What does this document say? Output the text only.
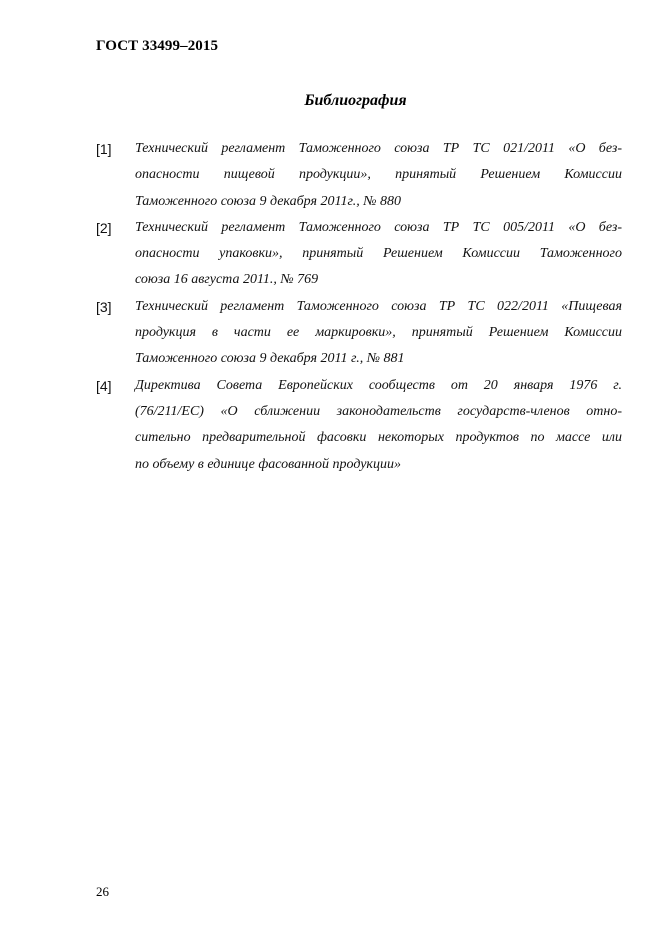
ГОСТ 33499–2015
Библиография
[1] Технический регламент Таможенного союза ТР ТС 021/2011 «О без-
опасности пищевой продукции», принятый Решением Комиссии
Таможенного союза 9 декабря 2011г., № 880
[2] Технический регламент Таможенного союза ТР ТС 005/2011 «О без-
опасности упаковки», принятый Решением Комиссии Таможенного
союза 16 августа 2011., № 769
[3] Технический регламент Таможенного союза ТР ТС 022/2011 «Пищевая
продукция в части ее маркировки», принятый Решением Комиссии
Таможенного союза 9 декабря 2011 г., № 881
[4] Директива Совета Европейских сообществ от 20 января 1976 г.
(76/211/ЕС) «О сближении законодательств государств-членов отно-
сительно предварительной фасовки некоторых продуктов по массе или
по объему в единице фасованной продукции»
26
